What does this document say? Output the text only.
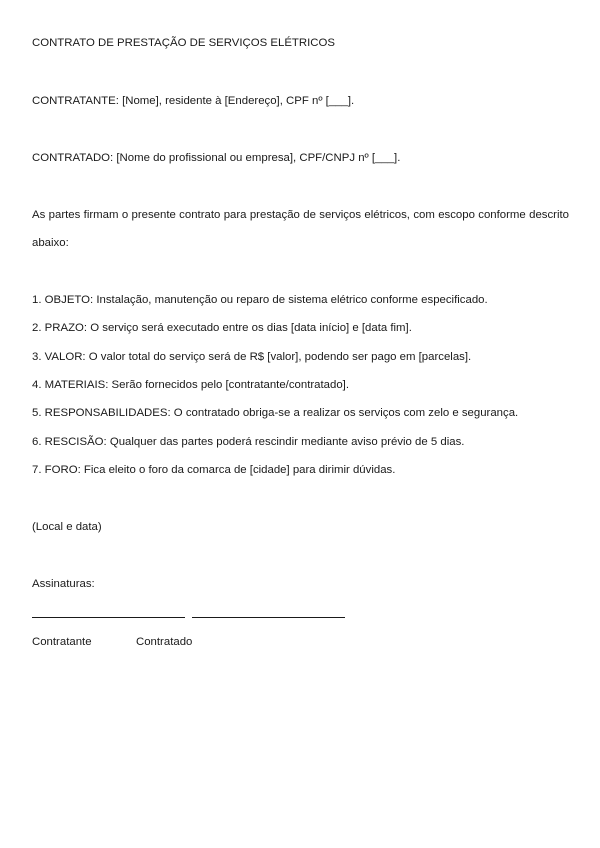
CONTRATO DE PRESTAÇÃO DE SERVIÇOS ELÉTRICOS
CONTRATANTE: [Nome], residente à [Endereço], CPF nº [___].
CONTRATADO: [Nome do profissional ou empresa], CPF/CNPJ nº [___].
As partes firmam o presente contrato para prestação de serviços elétricos, com escopo conforme descrito
abaixo:
1. OBJETO: Instalação, manutenção ou reparo de sistema elétrico conforme especificado.
2. PRAZO: O serviço será executado entre os dias [data início] e [data fim].
3. VALOR: O valor total do serviço será de R$ [valor], podendo ser pago em [parcelas].
4. MATERIAIS: Serão fornecidos pelo [contratante/contratado].
5. RESPONSABILIDADES: O contratado obriga-se a realizar os serviços com zelo e segurança.
6. RESCISÃO: Qualquer das partes poderá rescindir mediante aviso prévio de 5 dias.
7. FORO: Fica eleito o foro da comarca de [cidade] para dirimir dúvidas.
(Local e data)
Assinaturas:
Contratante	Contratado
